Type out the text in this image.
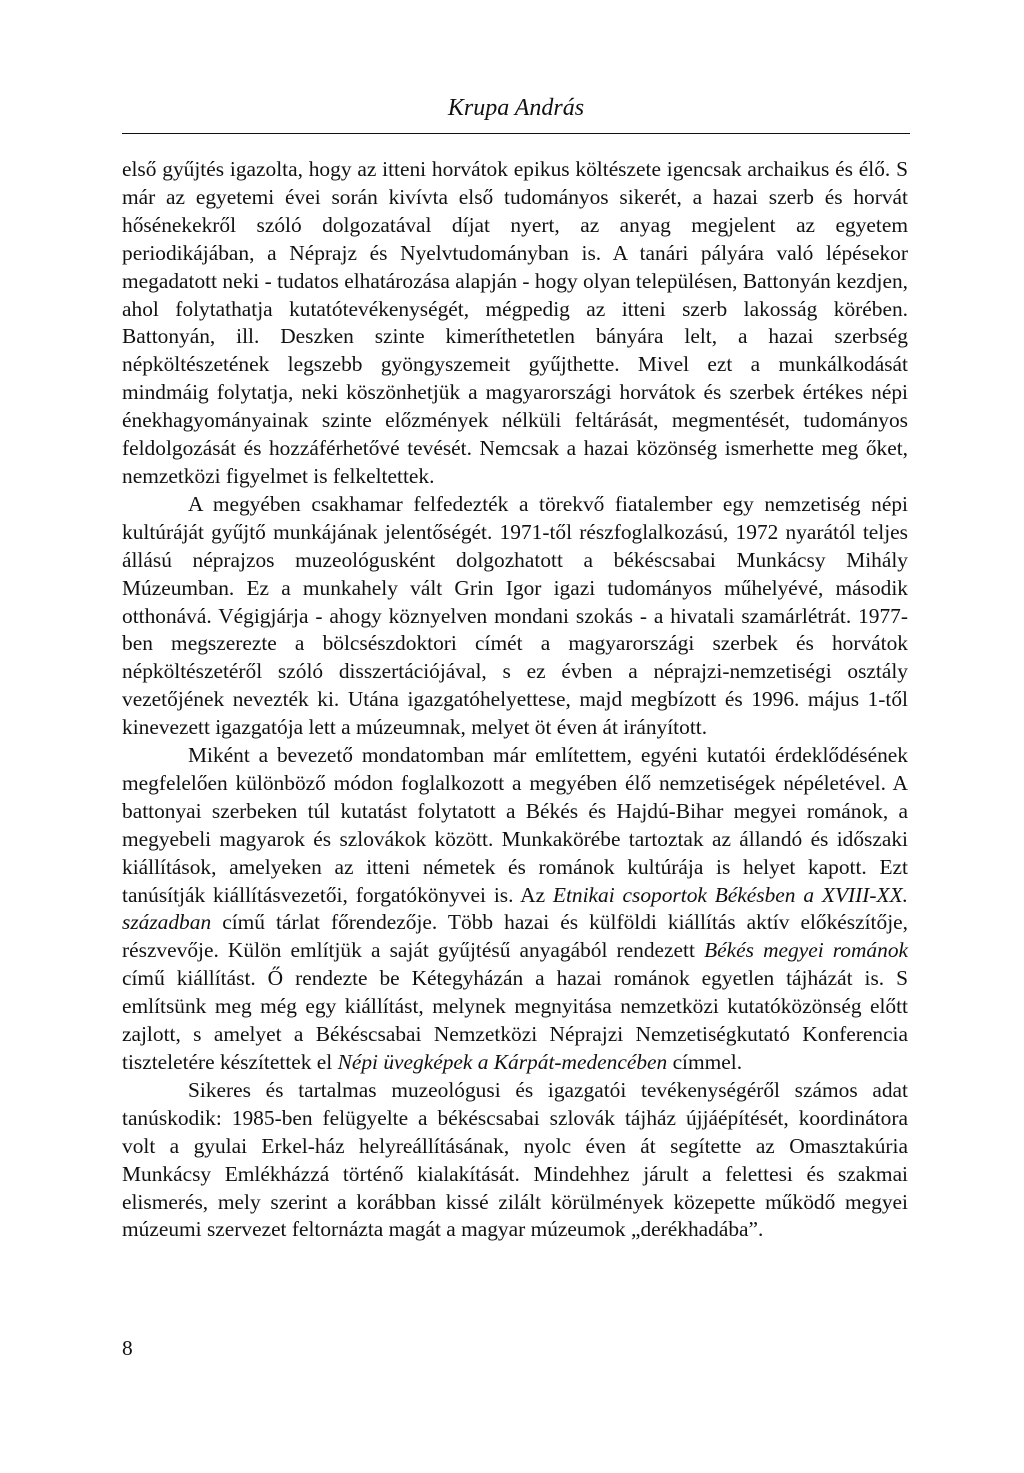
Krupa András

első gyűjtés igazolta, hogy az itteni horvátok epikus költészete igencsak archaikus és élő. S már az egyetemi évei során kivívta első tudományos sikerét, a hazai szerb és horvát hősénekekről szóló dolgozatával díjat nyert, az anyag megjelent az egyetem periodikájában, a Néprajz és Nyelvtudományban is. A tanári pályára való lépésekor megadatott neki - tudatos elhatározása alapján - hogy olyan településen, Battonyán kezdjen, ahol folytathatja kutatótevékenységét, mégpedig az itteni szerb lakosság körében. Battonyán, ill. Deszken szinte kimeríthetetlen bányára lelt, a hazai szerbség népköltészetének legszebb gyöngyszemeit gyűjthette. Mivel ezt a munkálkodását mindmáig folytatja, neki köszönhetjük a magyarországi horvátok és szerbek értékes népi énekhagyományainak szinte előzmények nélküli feltárását, megmentését, tudományos feldolgozását és hozzáférhetővé tevését. Nemcsak a hazai közönség ismerhette meg őket, nemzetközi figyelmet is felkeltettek.

A megyében csakhamar felfedezték a törekvő fiatalember egy nemzetiség népi kultúráját gyűjtő munkájának jelentőségét. 1971-től részfoglalkozású, 1972 nyarától teljes állású néprajzos muzeológusként dolgozhatott a békéscsabai Munkácsy Mihály Múzeumban. Ez a munkahely vált Grin Igor igazi tudományos műhelyévé, második otthonává. Végigjárja - ahogy köznyelven mondani szokás - a hivatali szamárlétrát. 1977-ben megszerezte a bölcsészdoktori címét a magyarországi szerbek és horvátok népköltészetéről szóló disszertációjával, s ez évben a néprajzi-nemzetiségi osztály vezetőjének nevezték ki. Utána igazgatóhelyettese, majd megbízott és 1996. május 1-től kinevezett igazgatója lett a múzeumnak, melyet öt éven át irányított.

Miként a bevezető mondatomban már említettem, egyéni kutatói érdeklődésének megfelelően különböző módon foglalkozott a megyében élő nemzetiségek népéletével. A battonyai szerbeken túl kutatást folytatott a Békés és Hajdú-Bihar megyei románok, a megyebeli magyarok és szlovákok között. Munkakörébe tartoztak az állandó és időszaki kiállítások, amelyeken az itteni németek és románok kultúrája is helyet kapott. Ezt tanúsítják kiállításvezetői, forgatókönyvei is. Az Etnikai csoportok Békésben a XVIII-XX. században című tárlat főrendezője. Több hazai és külföldi kiállítás aktív előkészítője, részvevője. Külön említjük a saját gyűjtésű anyagából rendezett Békés megyei románok című kiállítást. Ő rendezte be Kétegyházán a hazai románok egyetlen tájházát is. S említsünk meg még egy kiállítást, melynek megnyitása nemzetközi kutatóközönség előtt zajlott, s amelyet a Békéscsabai Nemzetközi Néprajzi Nemzetiségkutató Konferencia tiszteletére készítettek el Népi üvegképek a Kárpát-medencében címmel.

Sikeres és tartalmas muzeológusi és igazgatói tevékenységéről számos adat tanúskodik: 1985-ben felügyelte a békéscsabai szlovák tájház újjáépítését, koordinátora volt a gyulai Erkel-ház helyreállításának, nyolc éven át segítette az Omasztakúria Munkácsy Emlékházzá történő kialakítását. Mindehhez járult a felettesi és szakmai elismerés, mely szerint a korábban kissé zilált körülmények közepette működő megyei múzeumi szervezet feltornázta magát a magyar múzeumok „derékhadába”.

8
